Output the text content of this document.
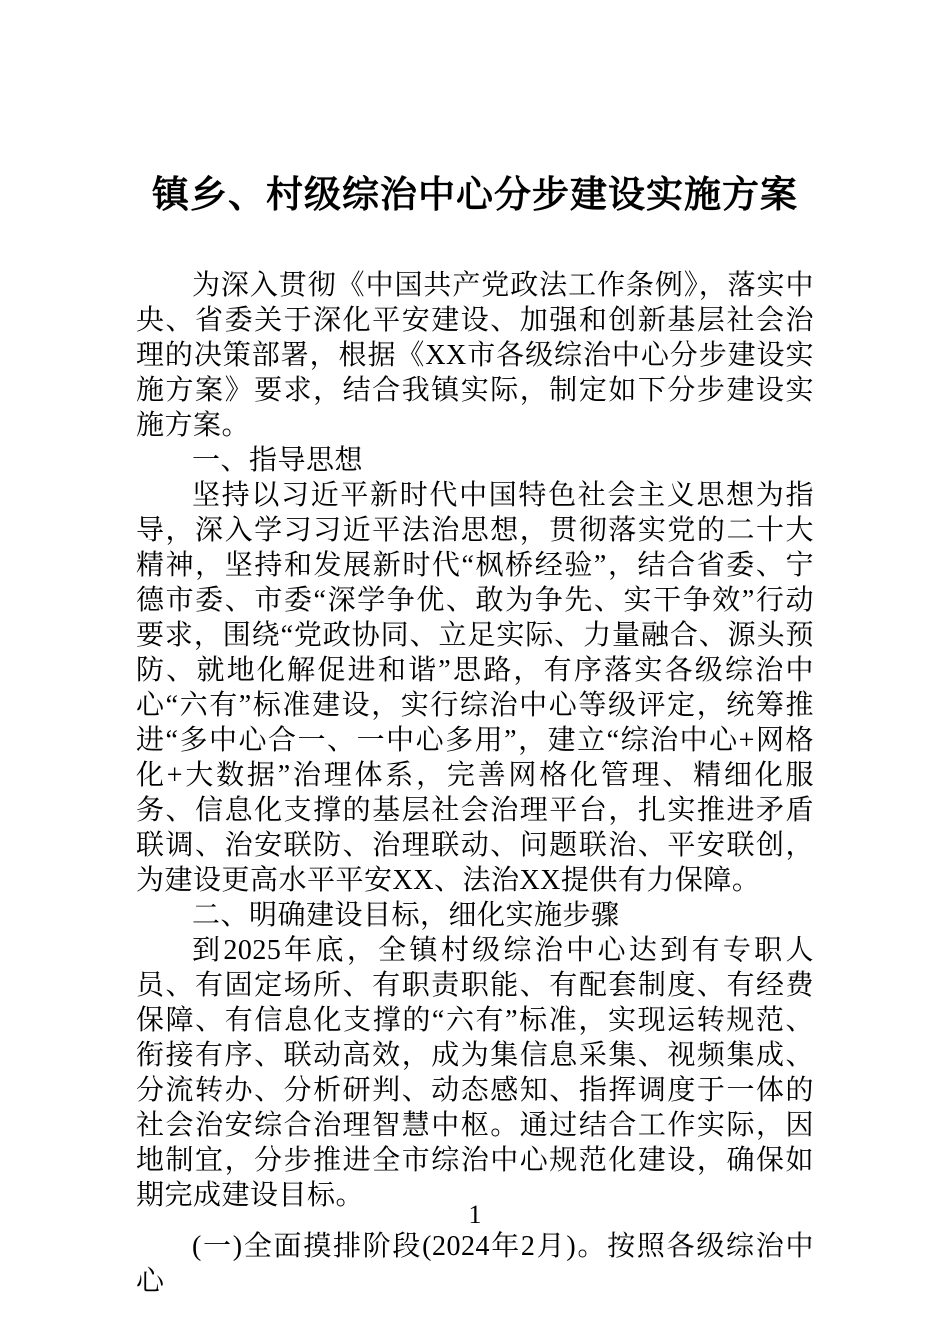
镇乡、村级综治中心分步建设实施方案

为深入贯彻《中国共产党政法工作条例》，落实中央、省委关于深化平安建设、加强和创新基层社会治理的决策部署，根据《XX市各级综治中心分步建设实施方案》要求，结合我镇实际，制定如下分步建设实施方案。

一、指导思想

坚持以习近平新时代中国特色社会主义思想为指导，深入学习习近平法治思想，贯彻落实党的二十大精神，坚持和发展新时代“枫桥经验”，结合省委、宁德市委、市委“深学争优、敢为争先、实干争效”行动要求，围绕“党政协同、立足实际、力量融合、源头预防、就地化解促进和谐”思路，有序落实各级综治中心“六有”标准建设，实行综治中心等级评定，统筹推进“多中心合一、一中心多用”，建立“综治中心+网格化+大数据”治理体系，完善网格化管理、精细化服务、信息化支撑的基层社会治理平台，扎实推进矛盾联调、治安联防、治理联动、问题联治、平安联创，为建设更高水平平安XX、法治XX提供有力保障。

二、明确建设目标，细化实施步骤

到2025年底，全镇村级综治中心达到有专职人员、有固定场所、有职责职能、有配套制度、有经费保障、有信息化支撑的“六有”标准，实现运转规范、衔接有序、联动高效，成为集信息采集、视频集成、分流转办、分析研判、动态感知、指挥调度于一体的社会治安综合治理智慧中枢。通过结合工作实际，因地制宜，分步推进全市综治中心规范化建设，确保如期完成建设目标。

(一)全面摸排阶段(2024年2月)。按照各级综治中心

1
